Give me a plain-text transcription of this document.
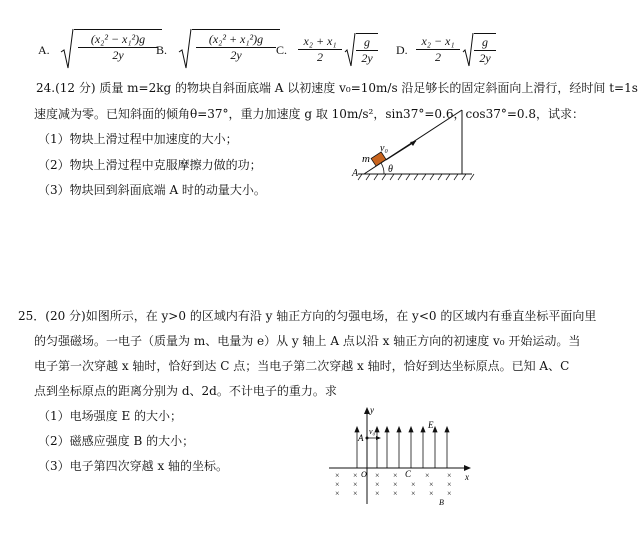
A. $\frac{\text{(x₂² − x₁²)g}}{2y}$
B. $\frac{\text{(x₂² + x₁²)g}}{2y} C$. $\frac{\text{x₂ + x₁}}{2} \frac{g}{2y} D$. $\frac{\text{x₂ − x₁}}{2} \frac{g}{2y}$
24.(12 分) 质量 m=2kg 的物块自斜面底端 A 以初速度 v₀=10m/s 沿足够长的固定斜面向上滑行，经时间 t=1s
速度减为零。已知斜面的倾角θ=37°，重力加速度 g 取 10m/s²，sin37°=0.6，cos37°=0.8，试求：
（1）物块上滑过程中加速度的大小；
（2）物块上滑过程中克服摩擦力做的功；
（3）物块回到斜面底端 A 时的动量大小。
A
m
v₀
θ
25．(20 分)如图所示，在 y>0 的区域内有沿 y 轴正方向的匀强电场，在 y<0 的区域内有垂直坐标平面向里
的匀强磁场。一电子（质量为 m、电量为 e）从 y 轴上 A 点以沿 x 轴正方向的初速度 v₀ 开始运动。当
电子第一次穿越 x 轴时，恰好到达 C 点；当电子第二次穿越 x 轴时，恰好到达坐标原点。已知 A、C
点到坐标原点的距离分别为 d、2d。不计电子的重力。求
（1）电场强度 E 的大小；
（2）磁感应强度 B 的大小；
（3）电子第四次穿越 x 轴的坐标。
x
y
A
v₀
E
O	C
× × × ×	× ×
× × × × × × ×
× × × × × × ×
B
